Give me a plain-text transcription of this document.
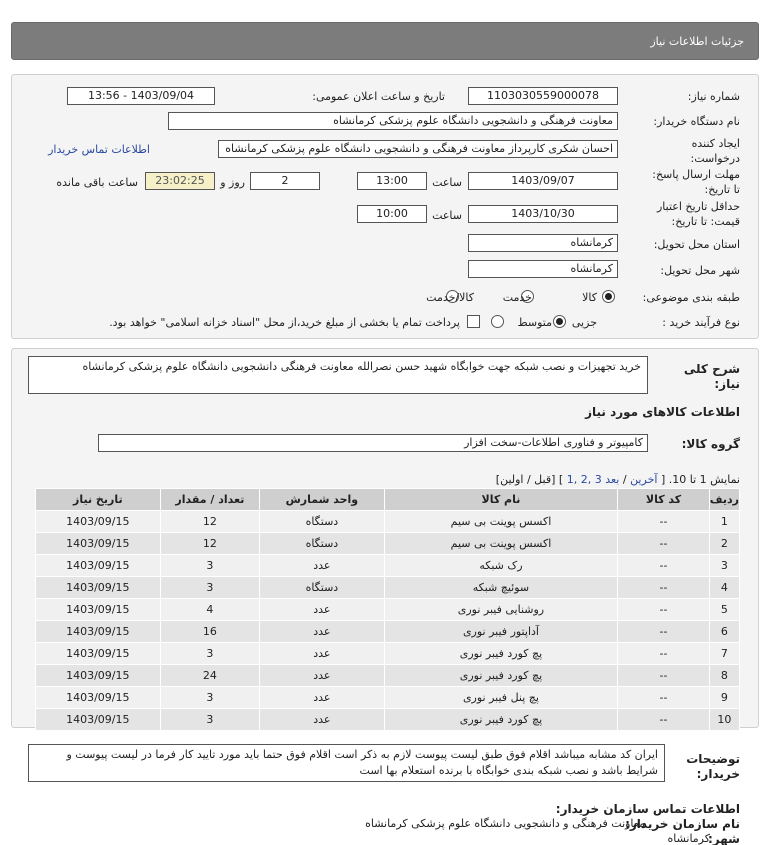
جزئیات اطلاعات نیاز
شماره نیاز:
1103030559000078
تاریخ و ساعت اعلان عمومی:
1403/09/04 - 13:56
نام دستگاه خریدار:
معاونت فرهنگی و دانشجویی دانشگاه علوم پزشکی کرمانشاه
ایجاد کننده
درخواست:
احسان شکری کارپرداز معاونت فرهنگی و دانشجویی دانشگاه علوم پزشکی کرمانشاه
اطلاعات تماس خریدار
مهلت ارسال پاسخ:
تا تاریخ:
1403/09/07
ساعت
13:00
2
روز و
23:02:25
ساعت باقی مانده
حداقل تاریخ اعتبار
قیمت: تا تاریخ:
1403/10/30
ساعت
10:00
استان محل تحویل:
کرمانشاه
شهر محل تحویل:
کرمانشاه
طبقه بندی موضوعی:

کالا

خدمت

کالا/خدمت
نوع فرآیند خرید :

جزیی
متوسط
پرداخت تمام یا بخشی از مبلغ خرید،از محل "اسناد خزانه اسلامی" خواهد بود.
شرح کلی
نیاز:
خرید تجهیزات و نصب شبکه جهت خوابگاه شهید حسن نصرالله معاونت فرهنگی دانشجویی دانشگاه علوم پزشکی کرمانشاه
اطلاعات کالاهای مورد نیاز
گروه کالا:
کامپیوتر و فناوری اطلاعات-سخت افزار
نمایش 1 تا 10. [ آخرین / بعد 3 ,2 ,1 ] [قبل / اولین]
ردیف	کد کالا	نام کالا	واحد شمارش	تعداد / مقدار	تاریخ نیاز
1	--	اکسس پوینت بی سیم	دستگاه	12	1403/09/15
2	--	اکسس پوینت بی سیم	دستگاه	12	1403/09/15
3	--	رک شبکه	عدد	3	1403/09/15
4	--	سوئیچ شبکه	دستگاه	3	1403/09/15
5	--	روشنایی فیبر نوری	عدد	4	1403/09/15
6	--	آداپتور فیبر نوری	عدد	16	1403/09/15
7	--	پچ کورد فیبر نوری	عدد	3	1403/09/15
8	--	پچ کورد فیبر نوری	عدد	24	1403/09/15
9	--	پچ پنل فیبر نوری	عدد	3	1403/09/15
10	--	پچ کورد فیبر نوری	عدد	3	1403/09/15
توضیحات
خریدار:
ایران کد مشابه میباشد اقلام فوق طبق لیست پیوست لازم به ذکر است اقلام فوق حتما باید مورد تایید کار فرما در لیست پیوست و شرایط باشد و نصب شبکه بندی خوابگاه با برنده استعلام بها است
اطلاعات تماس سازمان خریدار:
نام سازمان خریدار:
معاونت فرهنگی و دانشجویی دانشگاه علوم پزشکی کرمانشاه
شهر:
کرمانشاه
